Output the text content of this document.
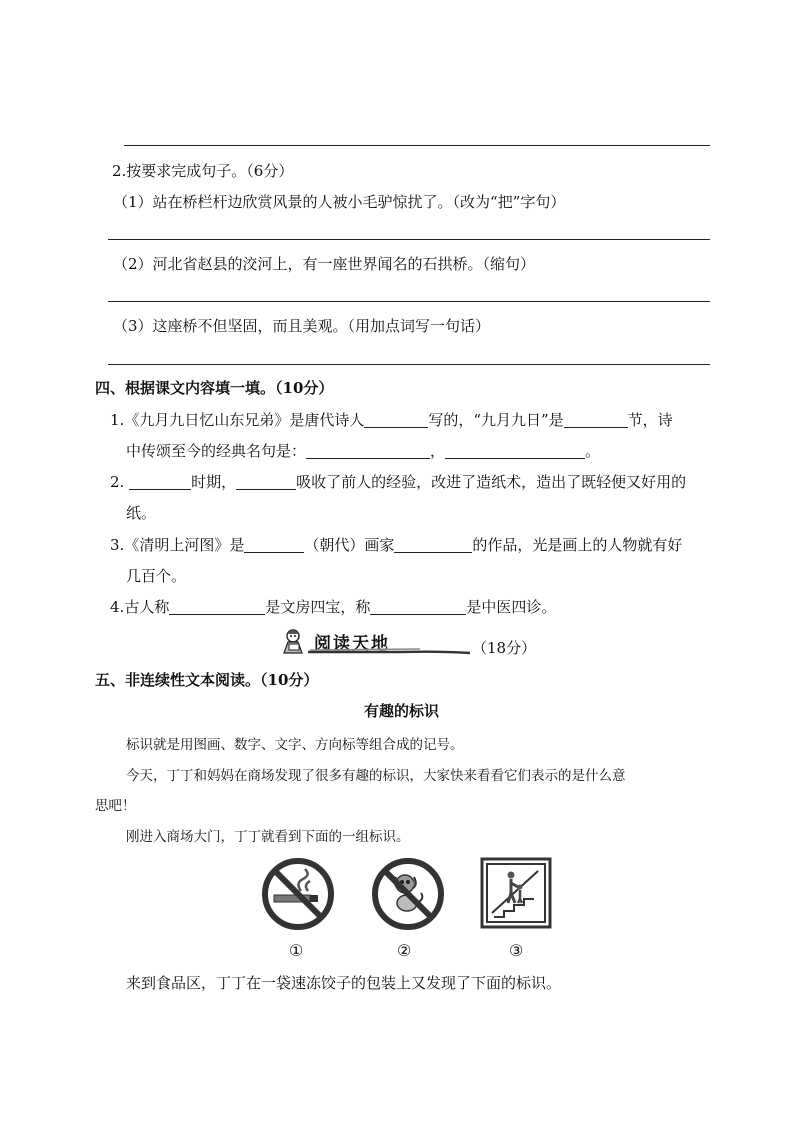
2.按要求完成句子。（6分）
（1）站在桥栏杆边欣赏风景的人被小毛驴惊扰了。（改为“把”字句）
（2）河北省赵县的洨河上，有一座世界闻名的石拱桥。（缩句）
（3）这座桥不但坚固，而且美观。（用加点词写一句话）
四、根据课文内容填一填。（10分）
1.《九月九日忆山东兄弟》是唐代诗人	写的，“九月九日”是	节，诗
中传颂至今的经典名句是：	，	。
2.	时期，	吸收了前人的经验，改进了造纸术，造出了既轻便又好用的
纸。
3.《清明上河图》是	（朝代）画家	的作品，光是画上的人物就有好
几百个。
4.古人称	是文房四宝，称	是中医四诊。
阅读天地	（18分）
五、非连续性文本阅读。（10分）
有趣的标识
标识就是用图画、数字、文字、方向标等组合成的记号。
今天，丁丁和妈妈在商场发现了很多有趣的标识，大家快来看看它们表示的是什么意
思吧！
刚进入商场大门，丁丁就看到下面的一组标识。
①	②	③
来到食品区，丁丁在一袋速冻饺子的包装上又发现了下面的标识。
